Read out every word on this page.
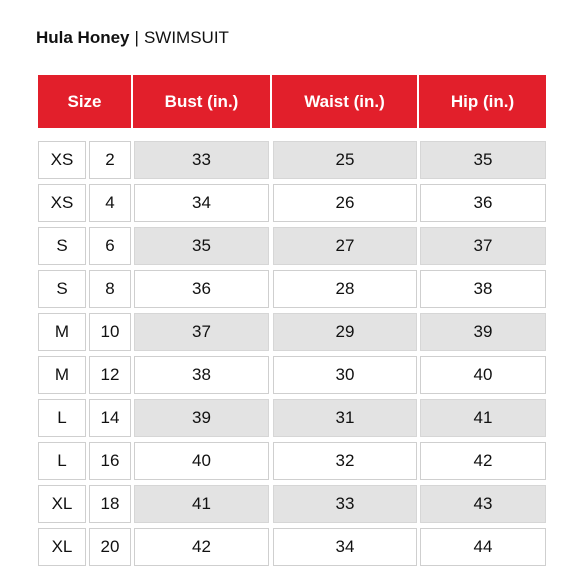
Hula Honey | SWIMSUIT
Size	Bust (in.)	Waist (in.)	Hip (in.)
XS	2	33	25	35
XS	4	34	26	36
S	6	35	27	37
S	8	36	28	38
M	10	37	29	39
M	12	38	30	40
L	14	39	31	41
L	16	40	32	42
XL	18	41	33	43
XL	20	42	34	44
